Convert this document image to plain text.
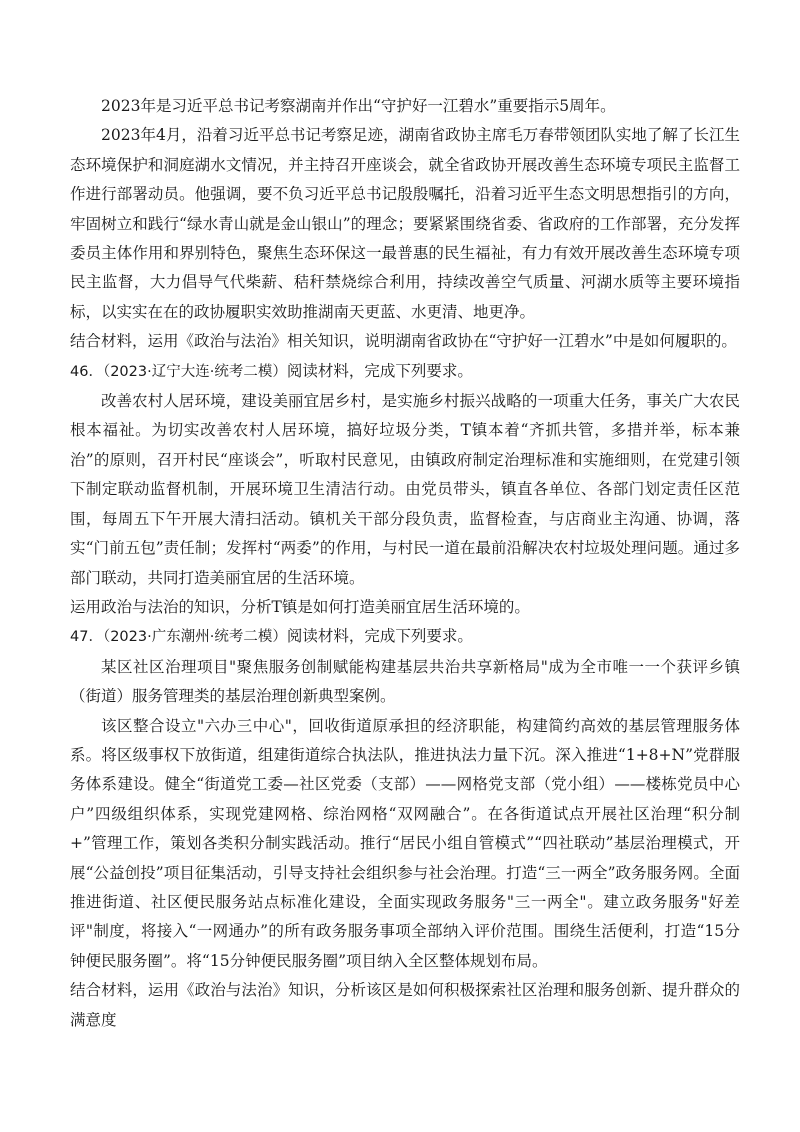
2023年是习近平总书记考察湖南并作出“守护好一江碧水”重要指示5周年。

2023年4月，沿着习近平总书记考察足迹，湖南省政协主席毛万春带领团队实地了解了长江生态环境保护和洞庭湖水文情况，并主持召开座谈会，就全省政协开展改善生态环境专项民主监督工作进行部署动员。他强调，要不负习近平总书记殷殷嘱托，沿着习近平生态文明思想指引的方向，牢固树立和践行“绿水青山就是金山银山”的理念；要紧紧围绕省委、省政府的工作部署，充分发挥委员主体作用和界别特色，聚焦生态环保这一最普惠的民生福祉，有力有效开展改善生态环境专项民主监督，大力倡导气代柴薪、秸秆禁烧综合利用，持续改善空气质量、河湖水质等主要环境指标，以实实在在的政协履职实效助推湖南天更蓝、水更清、地更净。

结合材料，运用《政治与法治》相关知识，说明湖南省政协在“守护好一江碧水”中是如何履职的。

46．（2023·辽宁大连·统考二模）阅读材料，完成下列要求。

改善农村人居环境，建设美丽宜居乡村，是实施乡村振兴战略的一项重大任务，事关广大农民根本福祉。为切实改善农村人居环境，搞好垃圾分类，T镇本着“齐抓共管，多措并举，标本兼治”的原则，召开村民“座谈会”，听取村民意见，由镇政府制定治理标准和实施细则，在党建引领下制定联动监督机制，开展环境卫生清洁行动。由党员带头，镇直各单位、各部门划定责任区范围，每周五下午开展大清扫活动。镇机关干部分段负责，监督检查，与店商业主沟通、协调，落实“门前五包”责任制；发挥村“两委”的作用，与村民一道在最前沿解决农村垃圾处理问题。通过多部门联动，共同打造美丽宜居的生活环境。

运用政治与法治的知识，分析T镇是如何打造美丽宜居生活环境的。

47．（2023·广东潮州·统考二模）阅读材料，完成下列要求。

某区社区治理项目"聚焦服务创制赋能构建基层共治共享新格局"成为全市唯一一个获评乡镇（街道）服务管理类的基层治理创新典型案例。

该区整合设立"六办三中心"，回收街道原承担的经济职能，构建简约高效的基层管理服务体系。将区级事权下放街道，组建街道综合执法队，推进执法力量下沉。深入推进“1+8+N”党群服务体系建设。健全“街道党工委—社区党委（支部）——网格党支部（党小组）——楼栋党员中心户”四级组织体系，实现党建网格、综治网格“双网融合”。在各街道试点开展社区治理“积分制+”管理工作，策划各类积分制实践活动。推行“居民小组自管模式”“四社联动”基层治理模式，开展“公益创投”项目征集活动，引导支持社会组织参与社会治理。打造“三一两全”政务服务网。全面推进街道、社区便民服务站点标准化建设，全面实现政务服务"三一两全"。建立政务服务"好差评"制度，将接入“一网通办”的所有政务服务事项全部纳入评价范围。围绕生活便利，打造“15分钟便民服务圈”。将“15分钟便民服务圈”项目纳入全区整体规划布局。

结合材料，运用《政治与法治》知识，分析该区是如何积极探索社区治理和服务创新、提升群众的满意度
